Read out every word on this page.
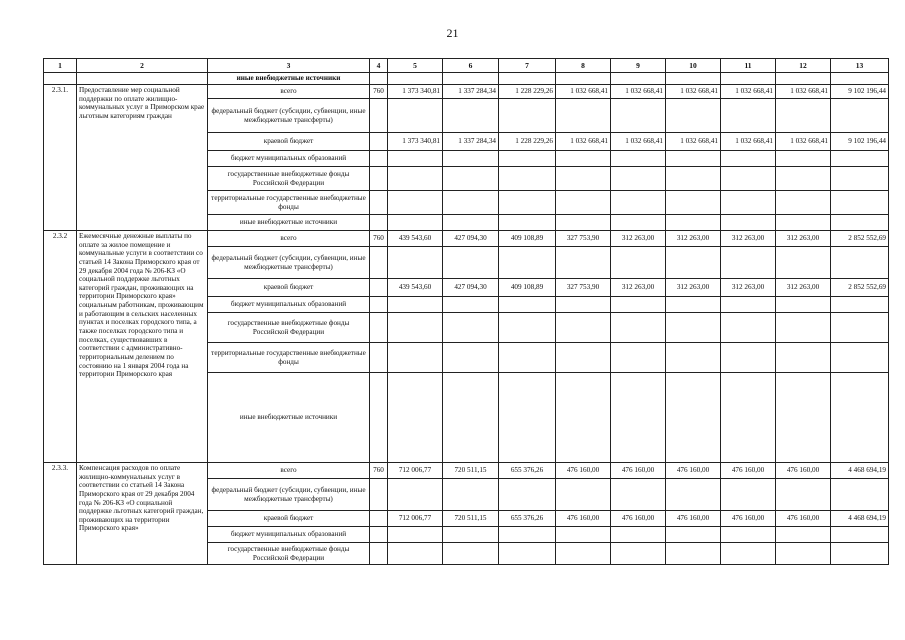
21
1	2	3	4	5	6	7	8	9	10	11	12	13
		иные внебюджетные источники										
2.3.1.	Предоставление мер социальной поддержки по оплате жилищно-коммунальных услуг в Приморском крае льготным категориям граждан	всего	760	1 373 340,81	1 337 284,34	1 228 229,26	1 032 668,41	1 032 668,41	1 032 668,41	1 032 668,41	1 032 668,41	9 102 196,44
		федеральный бюджет (субсидии, субвенции, иные межбюджетные трансферты)										
		краевой бюджет		1 373 340,81	1 337 284,34	1 228 229,26	1 032 668,41	1 032 668,41	1 032 668,41	1 032 668,41	1 032 668,41	9 102 196,44
		бюджет муниципальных образований										
		государственные внебюджетные фонды Российской Федерации										
		территориальные государственные внебюджетные фонды										
		иные внебюджетные источники										
2.3.2	Ежемесячные денежные выплаты по оплате за жилое помещение и коммунальные услуги в соответствии со статьей 14 Закона Приморского края от 29 декабря 2004 года № 206-КЗ «О социальной поддержке льготных категорий граждан, проживающих на территории Приморского края» социальным работникам, проживающим и работающим в сельских населенных пунктах и поселках городского типа, а также поселках городского типа и поселках, существовавших в соответствии с административно-территориальным делением по состоянию на 1 января 2004 года на территории Приморского края	всего	760	439 543,60	427 094,30	409 108,89	327 753,90	312 263,00	312 263,00	312 263,00	312 263,00	2 852 552,69
		федеральный бюджет (субсидии, субвенции, иные межбюджетные трансферты)										
		краевой бюджет		439 543,60	427 094,30	409 108,89	327 753,90	312 263,00	312 263,00	312 263,00	312 263,00	2 852 552,69
		бюджет муниципальных образований										
		государственные внебюджетные фонды Российской Федерации										
		территориальные государственные внебюджетные фонды										
		иные внебюджетные источники										
2.3.3.	Компенсация расходов по оплате жилищно-коммунальных услуг в соответствии со статьей 14 Закона Приморского края от 29 декабря 2004 года № 206-КЗ «О социальной поддержке льготных категорий граждан, проживающих на территории Приморского края»	всего	760	712 006,77	720 511,15	655 376,26	476 160,00	476 160,00	476 160,00	476 160,00	476 160,00	4 468 694,19
		федеральный бюджет (субсидии, субвенции, иные межбюджетные трансферты)										
		краевой бюджет		712 006,77	720 511,15	655 376,26	476 160,00	476 160,00	476 160,00	476 160,00	476 160,00	4 468 694,19
		бюджет муниципальных образований										
		государственные внебюджетные фонды Российской Федерации										
